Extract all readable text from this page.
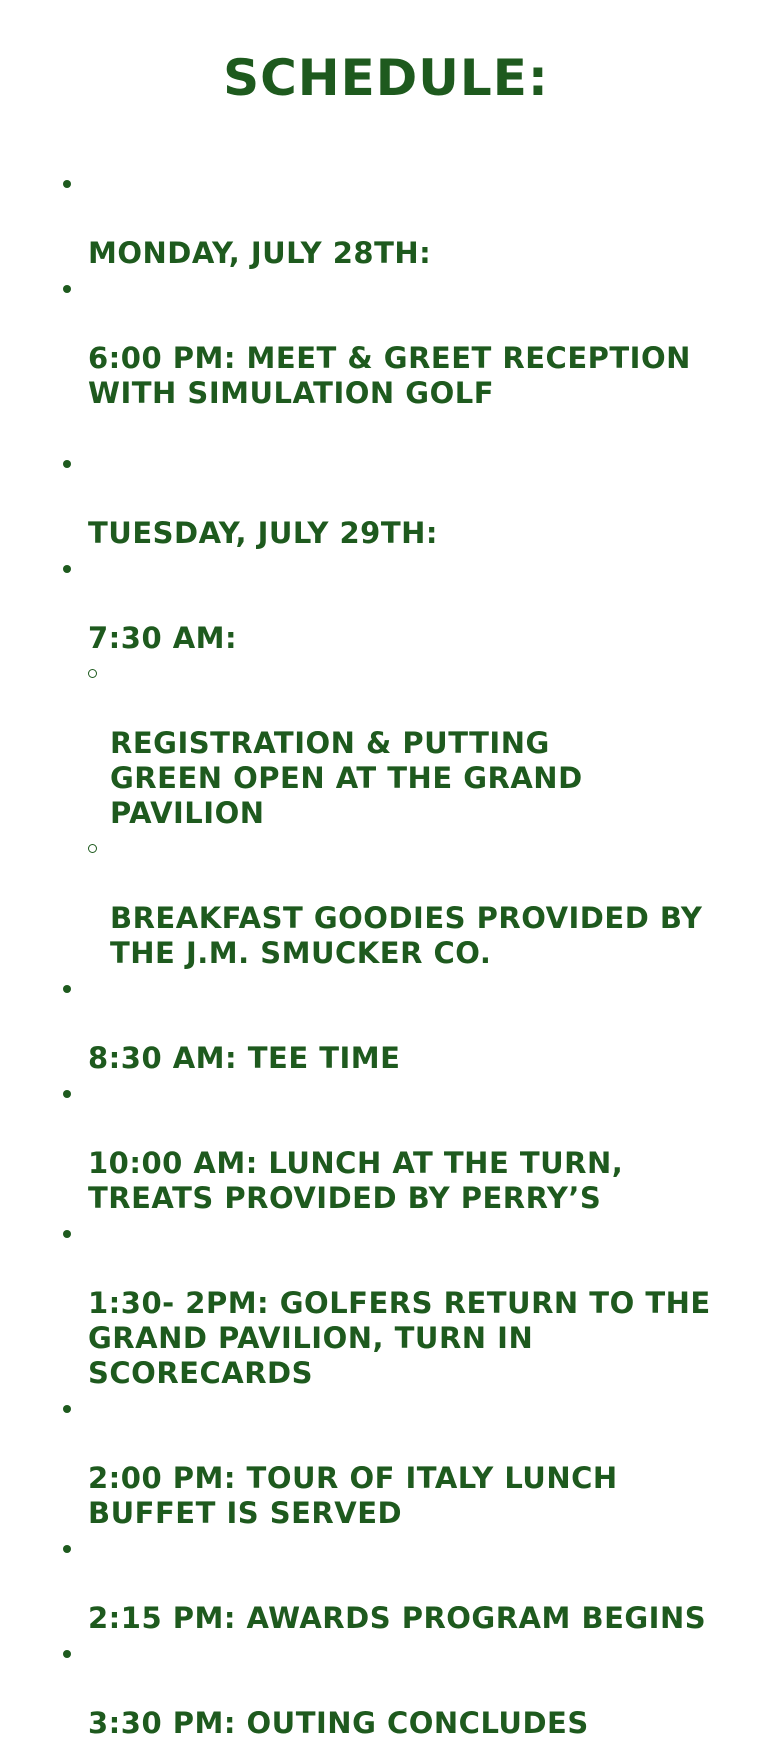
SCHEDULE:

MONDAY, JULY 28TH:

6:00 PM: MEET & GREET RECEPTION
WITH SIMULATION GOLF

TUESDAY, JULY 29TH:

7:30 AM:

REGISTRATION & PUTTING
GREEN OPEN AT THE GRAND
PAVILION

BREAKFAST GOODIES PROVIDED BY
THE J.M. SMUCKER CO.

8:30 AM: TEE TIME

10:00 AM: LUNCH AT THE TURN,
TREATS PROVIDED BY PERRY’S

1:30- 2PM: GOLFERS RETURN TO THE
GRAND PAVILION, TURN IN
SCORECARDS

2:00 PM: TOUR OF ITALY LUNCH
BUFFET IS SERVED

2:15 PM: AWARDS PROGRAM BEGINS

3:30 PM: OUTING CONCLUDES
